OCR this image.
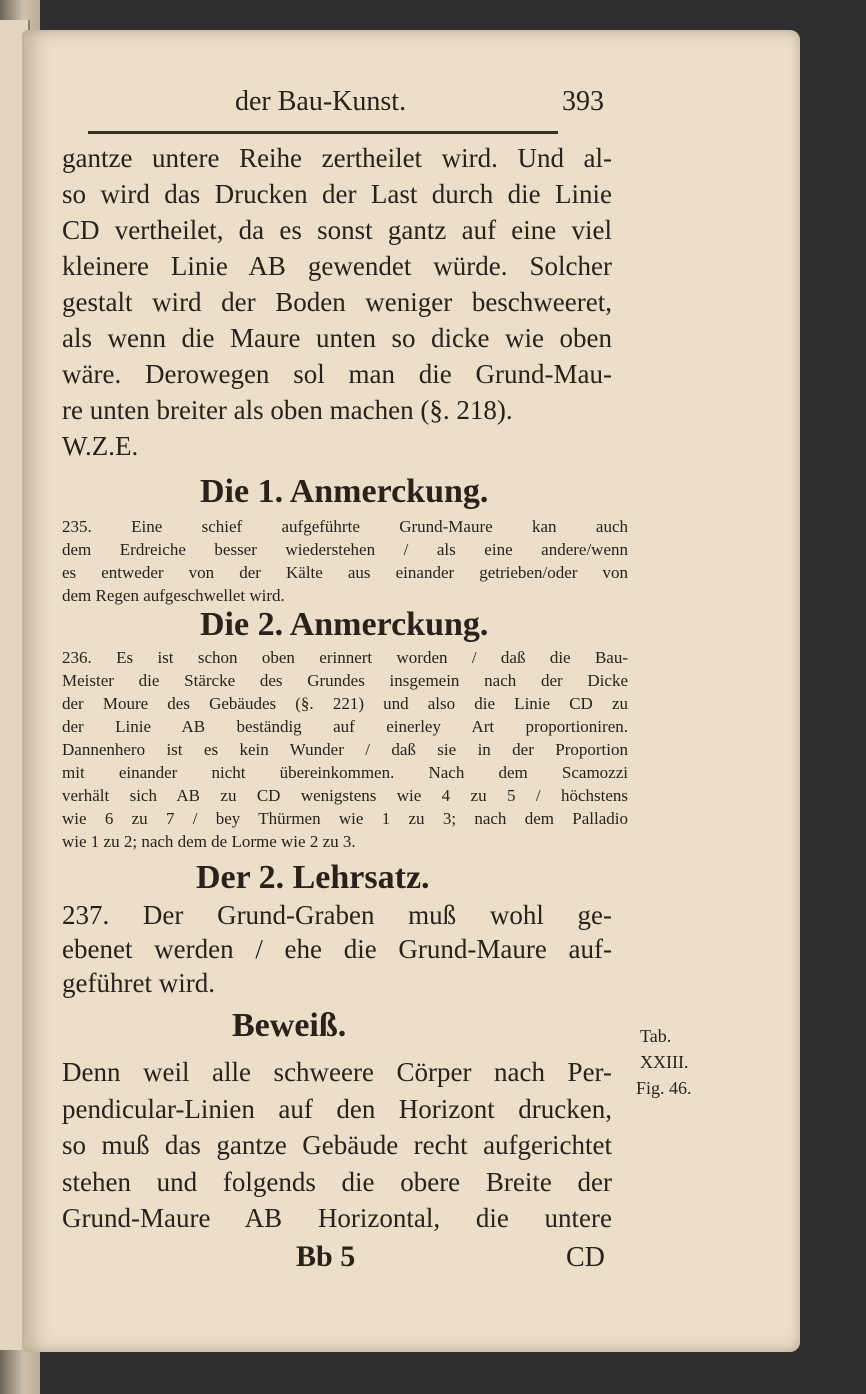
der Bau-Kunst.	393
gantze untere Reihe zertheilet wird. Und al-
so wird das Drucken der Last durch die Linie
CD vertheilet, da es sonst gantz auf eine viel
kleinere Linie AB gewendet würde. Solcher
gestalt wird der Boden weniger beschweeret,
als wenn die Maure unten so dicke wie oben
wäre. Derowegen sol man die Grund-Mau-
re unten breiter als oben machen (§. 218).
W.Z.E.
Die 1. Anmerckung.
235. Eine schief aufgeführte Grund-Maure kan auch
dem Erdreiche besser wiederstehen / als eine andere/wenn
es entweder von der Kälte aus einander getrieben/oder von
dem Regen aufgeschwellet wird.
Die 2. Anmerckung.
236. Es ist schon oben erinnert worden / daß die Bau-
Meister die Stärcke des Grundes insgemein nach der Dicke
der Moure des Gebäudes (§. 221) und also die Linie CD zu
der Linie AB beständig auf einerley Art proportioniren.
Dannenhero ist es kein Wunder / daß sie in der Proportion
mit einander nicht übereinkommen. Nach dem Scamozzi
verhält sich AB zu CD wenigstens wie 4 zu 5 / höchstens
wie 6 zu 7 / bey Thürmen wie 1 zu 3; nach dem Palladio
wie 1 zu 2; nach dem de Lorme wie 2 zu 3.
Der 2. Lehrsatz.
237. Der Grund-Graben muß wohl ge-
ebenet werden / ehe die Grund-Maure auf-
geführet wird.
Beweiß.
Denn weil alle schweere Cörper nach Per-
pendicular-Linien auf den Horizont drucken,
so muß das gantze Gebäude recht aufgerichtet
stehen und folgends die obere Breite der
Grund-Maure AB Horizontal, die untere
Tab.
XXIII.
Fig. 46.
Bb 5	CD
